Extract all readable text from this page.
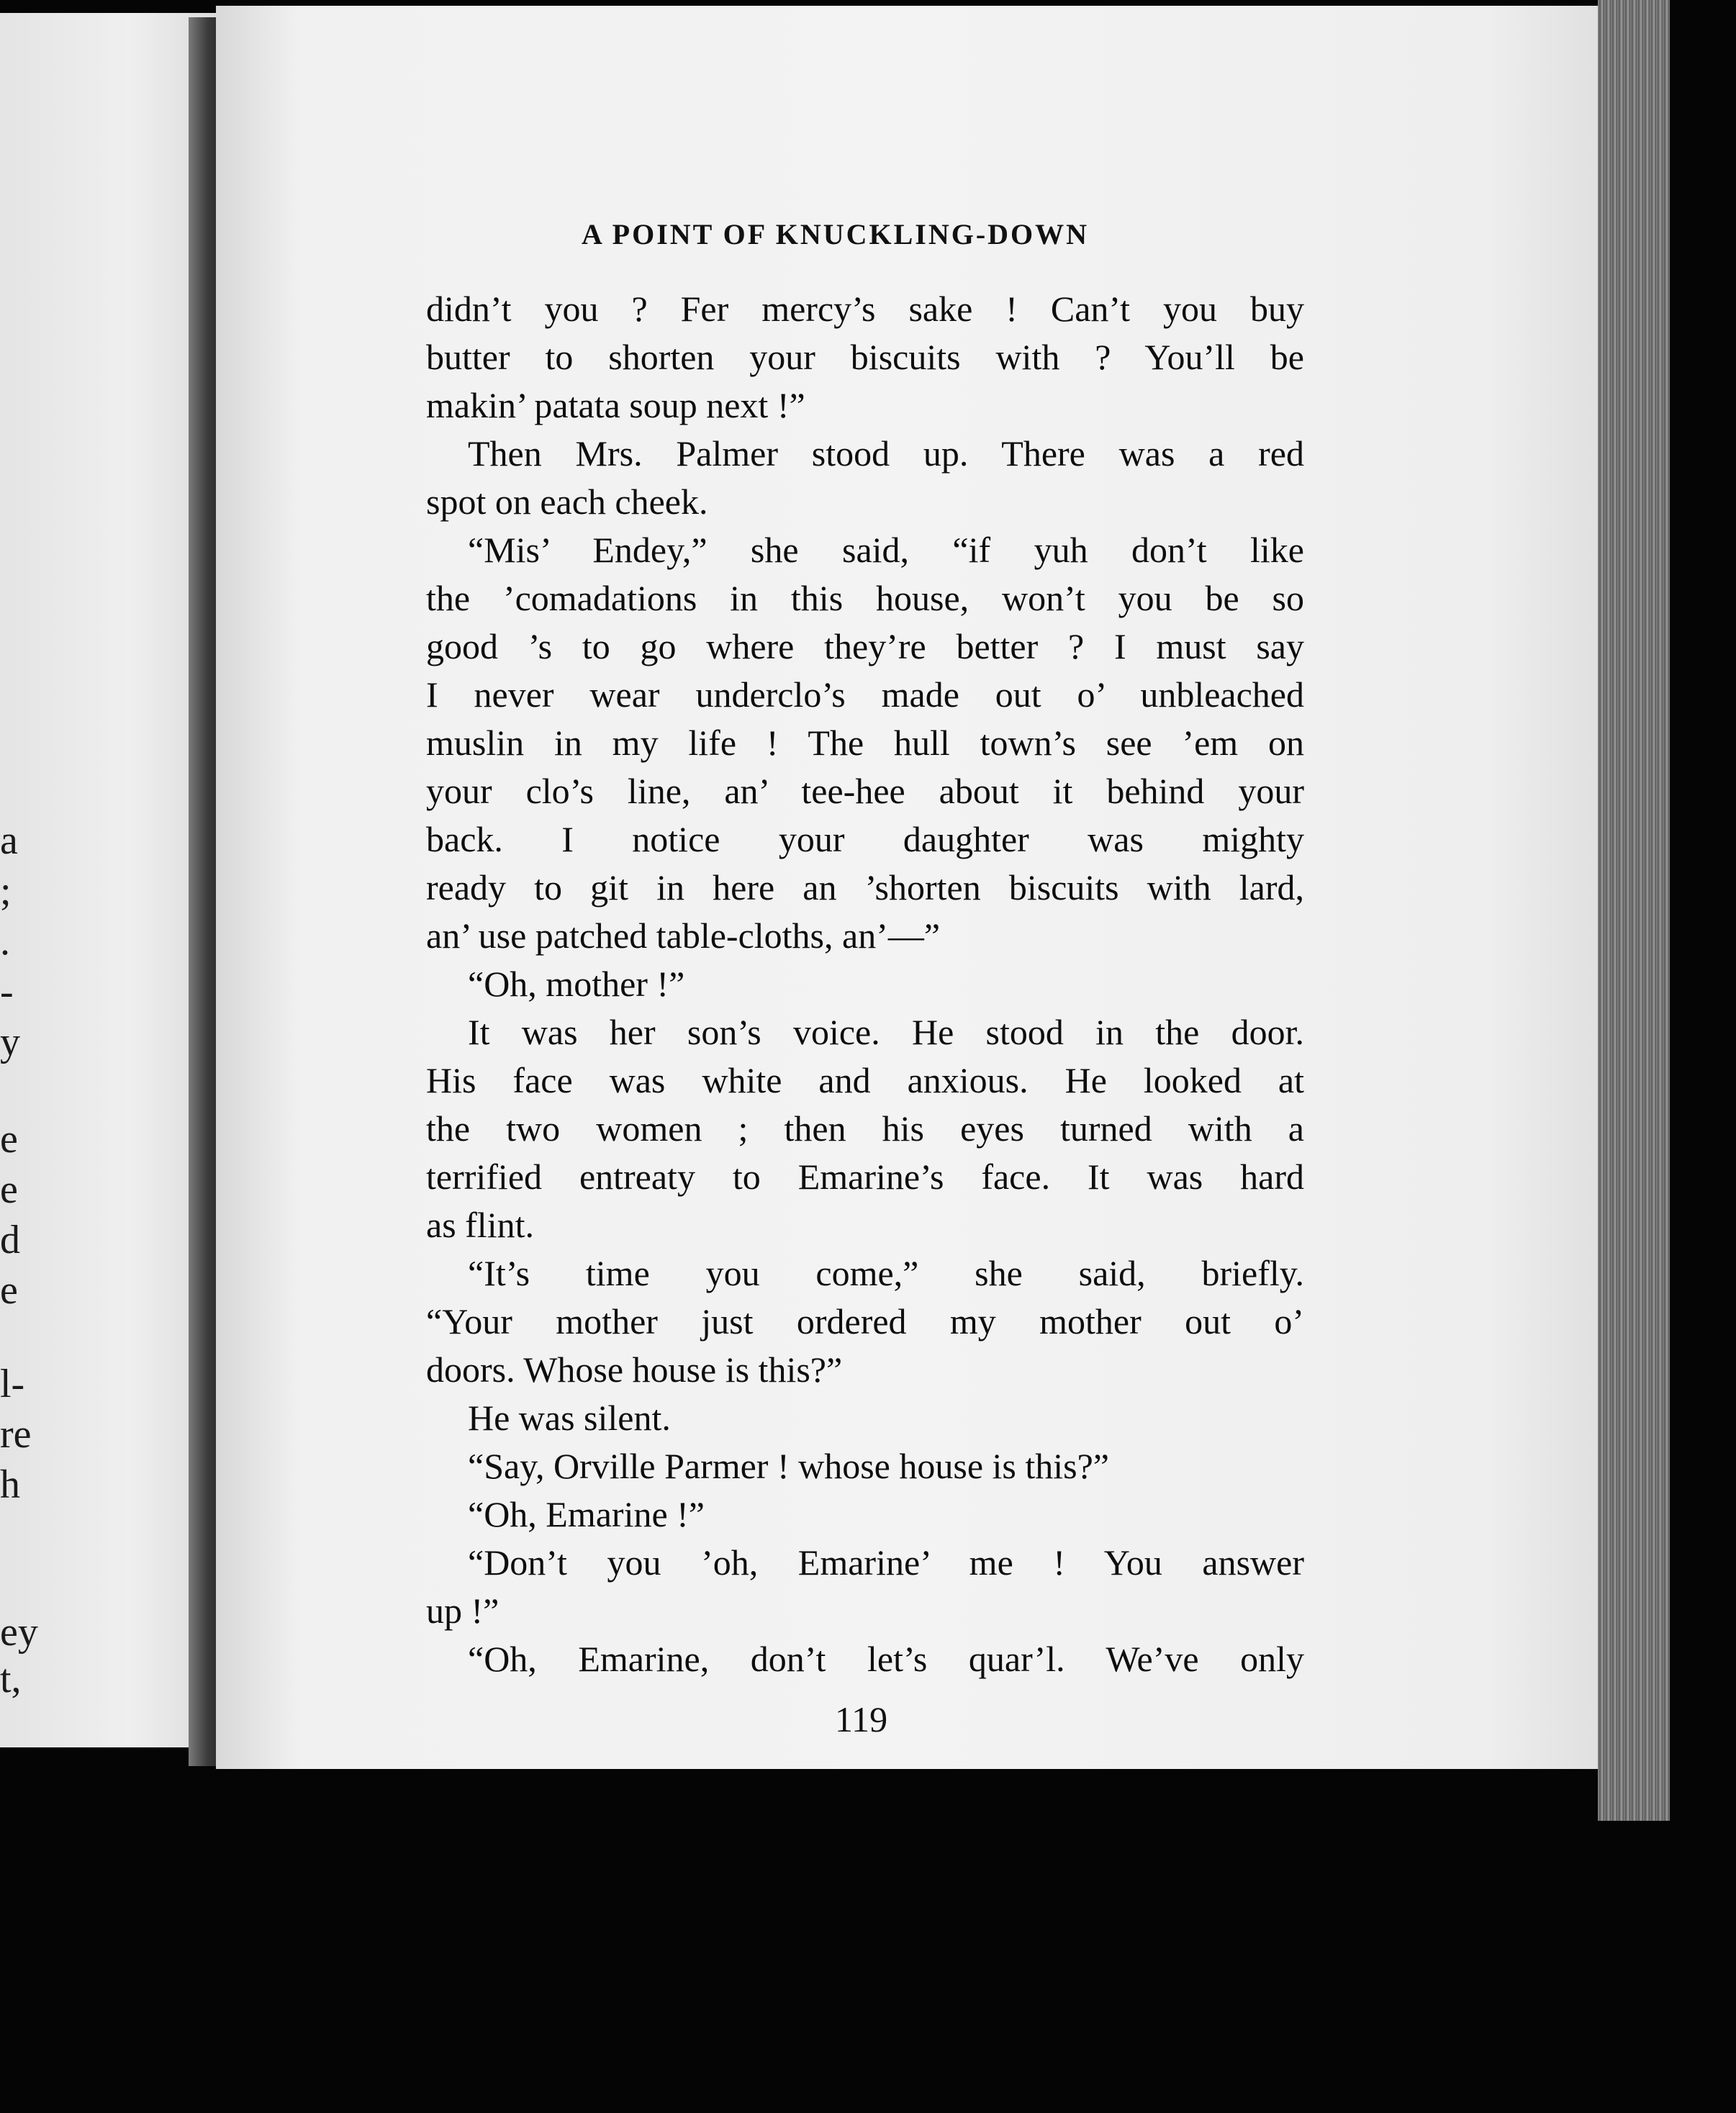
a
;
.
-
y
e
e
d
e
l-
re
h
ey
t,
A POINT OF KNUCKLING-DOWN
didn’t you ? Fer mercy’s sake ! Can’t you buy
butter to shorten your biscuits with ? You’ll be
makin’ patata soup next !”
Then Mrs. Palmer stood up. There was a red
spot on each cheek.
“Mis’ Endey,” she said, “if yuh don’t like
the ’comadations in this house, won’t you be so
good ’s to go where they’re better ? I must say
I never wear underclo’s made out o’ unbleached
muslin in my life ! The hull town’s see ’em on
your clo’s line, an’ tee-hee about it behind your
back. I notice your daughter was mighty
ready to git in here an ’shorten biscuits with lard,
an’ use patched table-cloths, an’—”
“Oh, mother !”
It was her son’s voice. He stood in the door.
His face was white and anxious. He looked at
the two women ; then his eyes turned with a
terrified entreaty to Emarine’s face. It was hard
as flint.
“It’s time you come,” she said, briefly.
“Your mother just ordered my mother out o’
doors. Whose house is this?”
He was silent.
“Say, Orville Parmer ! whose house is this?”
“Oh, Emarine !”
“Don’t you ’oh, Emarine’ me ! You answer
up !”
“Oh, Emarine, don’t let’s quar’l. We’ve only
119
